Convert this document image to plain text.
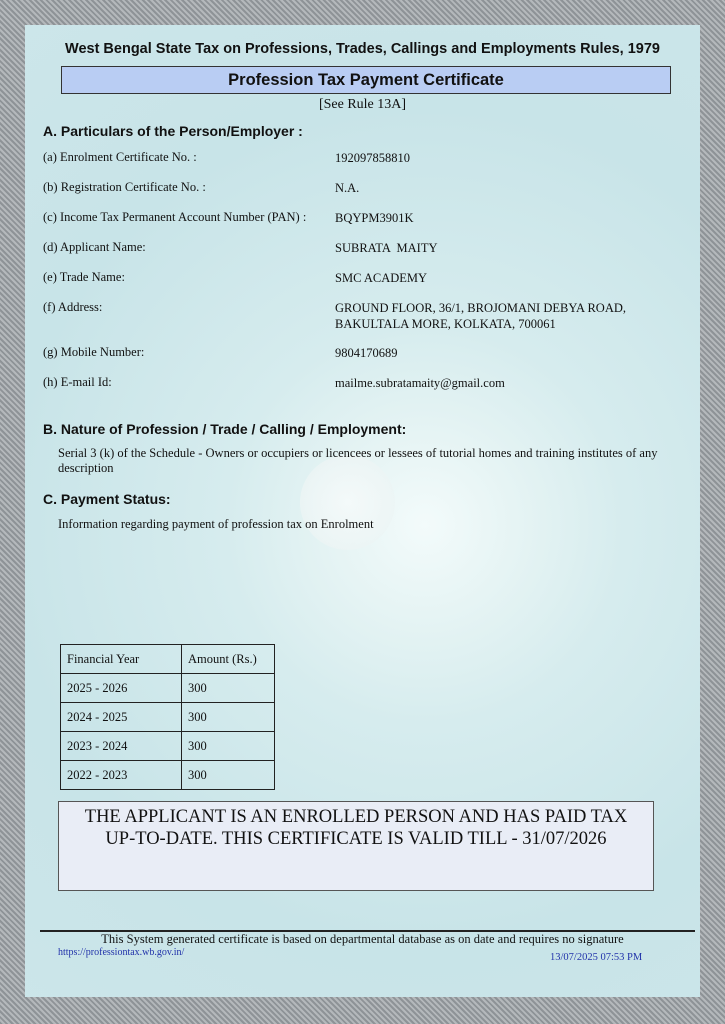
West Bengal State Tax on Professions, Trades, Callings and Employments Rules, 1979
Profession Tax Payment Certificate
[See Rule 13A]
A. Particulars of the Person/Employer :
(a) Enrolment Certificate No. :	192097858810
(b) Registration Certificate No. :	N.A.
(c) Income Tax Permanent Account Number (PAN) : BQYPM3901K
(d) Applicant Name:	SUBRATA  MAITY
(e) Trade Name:	SMC ACADEMY
(f) Address:	GROUND FLOOR, 36/1, BROJOMANI DEBYA ROAD,
BAKULTALA MORE, KOLKATA, 700061
(g) Mobile Number:	9804170689
(h) E-mail Id:	mailme.subratamaity@gmail.com
B. Nature of Profession / Trade / Calling / Employment:
Serial 3 (k) of the Schedule - Owners or occupiers or licencees or lessees of tutorial homes and training institutes of any description
C. Payment Status:
Information regarding payment of profession tax on Enrolment
Financial Year	Amount (Rs.)
2025 - 2026	300
2024 - 2025	300
2023 - 2024	300
2022 - 2023	300
THE APPLICANT IS AN ENROLLED PERSON AND HAS PAID TAX
UP-TO-DATE. THIS CERTIFICATE IS VALID TILL - 31/07/2026
This System generated certificate is based on departmental database as on date and requires no signature
https://professiontax.wb.gov.in/	13/07/2025 07:53 PM
